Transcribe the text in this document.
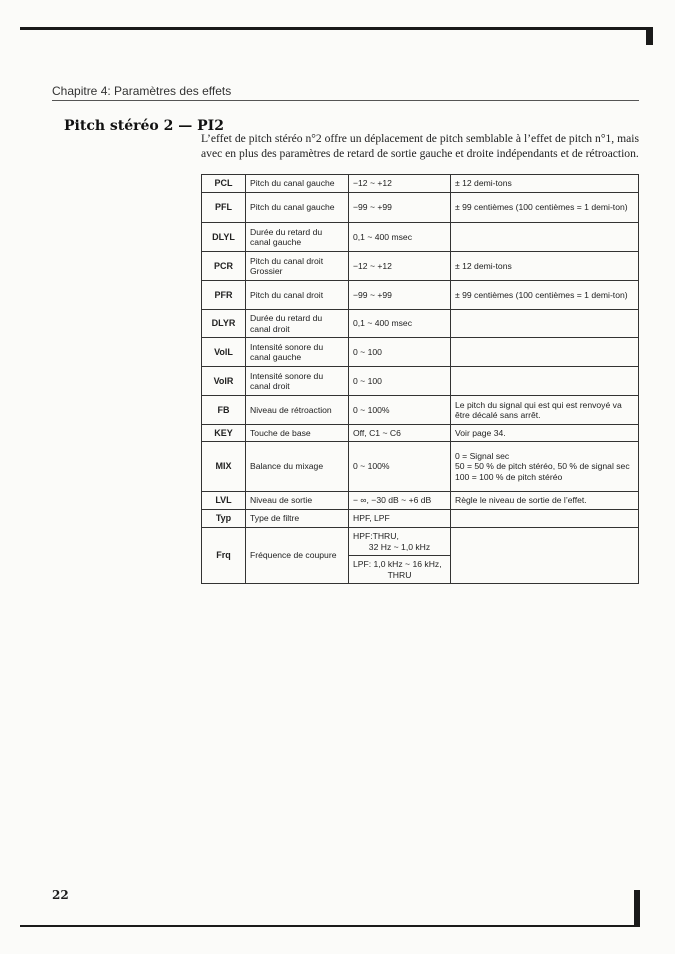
Chapitre 4: Paramètres des effets
Pitch stéréo 2 — PI2
L’effet de pitch stéréo n°2 offre un déplacement de pitch semblable à l’effet de pitch n°1, mais avec en plus des paramètres de retard de sortie gauche et droite indépendants et de rétroaction.
PCL	Pitch du canal gauche	−12 ~ +12	± 12 demi-tons
PFL	Pitch du canal gauche	−99 ~ +99	± 99 centièmes (100 centièmes = 1 demi-ton)
DLYL	Durée du retard du canal gauche	0,1 ~ 400 msec	
PCR	Pitch du canal droit Grossier	−12 ~ +12	± 12 demi-tons
PFR	Pitch du canal droit	−99 ~ +99	± 99 centièmes (100 centièmes = 1 demi-ton)
DLYR	Durée du retard du canal droit	0,1 ~ 400 msec	
VolL	Intensité sonore du canal gauche	0 ~ 100	
VolR	Intensité sonore du canal droit	0 ~ 100	
FB	Niveau de rétroaction	0 ~ 100%	Le pitch du signal qui est qui est renvoyé va être décalé sans arrêt.
KEY	Touche de base	Off, C1 ~ C6	Voir page 34.
MIX	Balance du mixage	0 ~ 100%	0 = Signal sec
50 = 50 % de pitch stéréo, 50 % de signal sec
100 = 100 % de pitch stéréo

LVL	Niveau de sortie	− ∞, −30 dB ~ +6 dB	Règle le niveau de sortie de l’effet.
Typ	Type de filtre	HPF, LPF	
Frq	Fréquence de coupure	HPF:THRU,
32 Hz ~ 1,0 kHz	

		LPF: 1,0 kHz ~ 16 kHz,
THRU	
22
